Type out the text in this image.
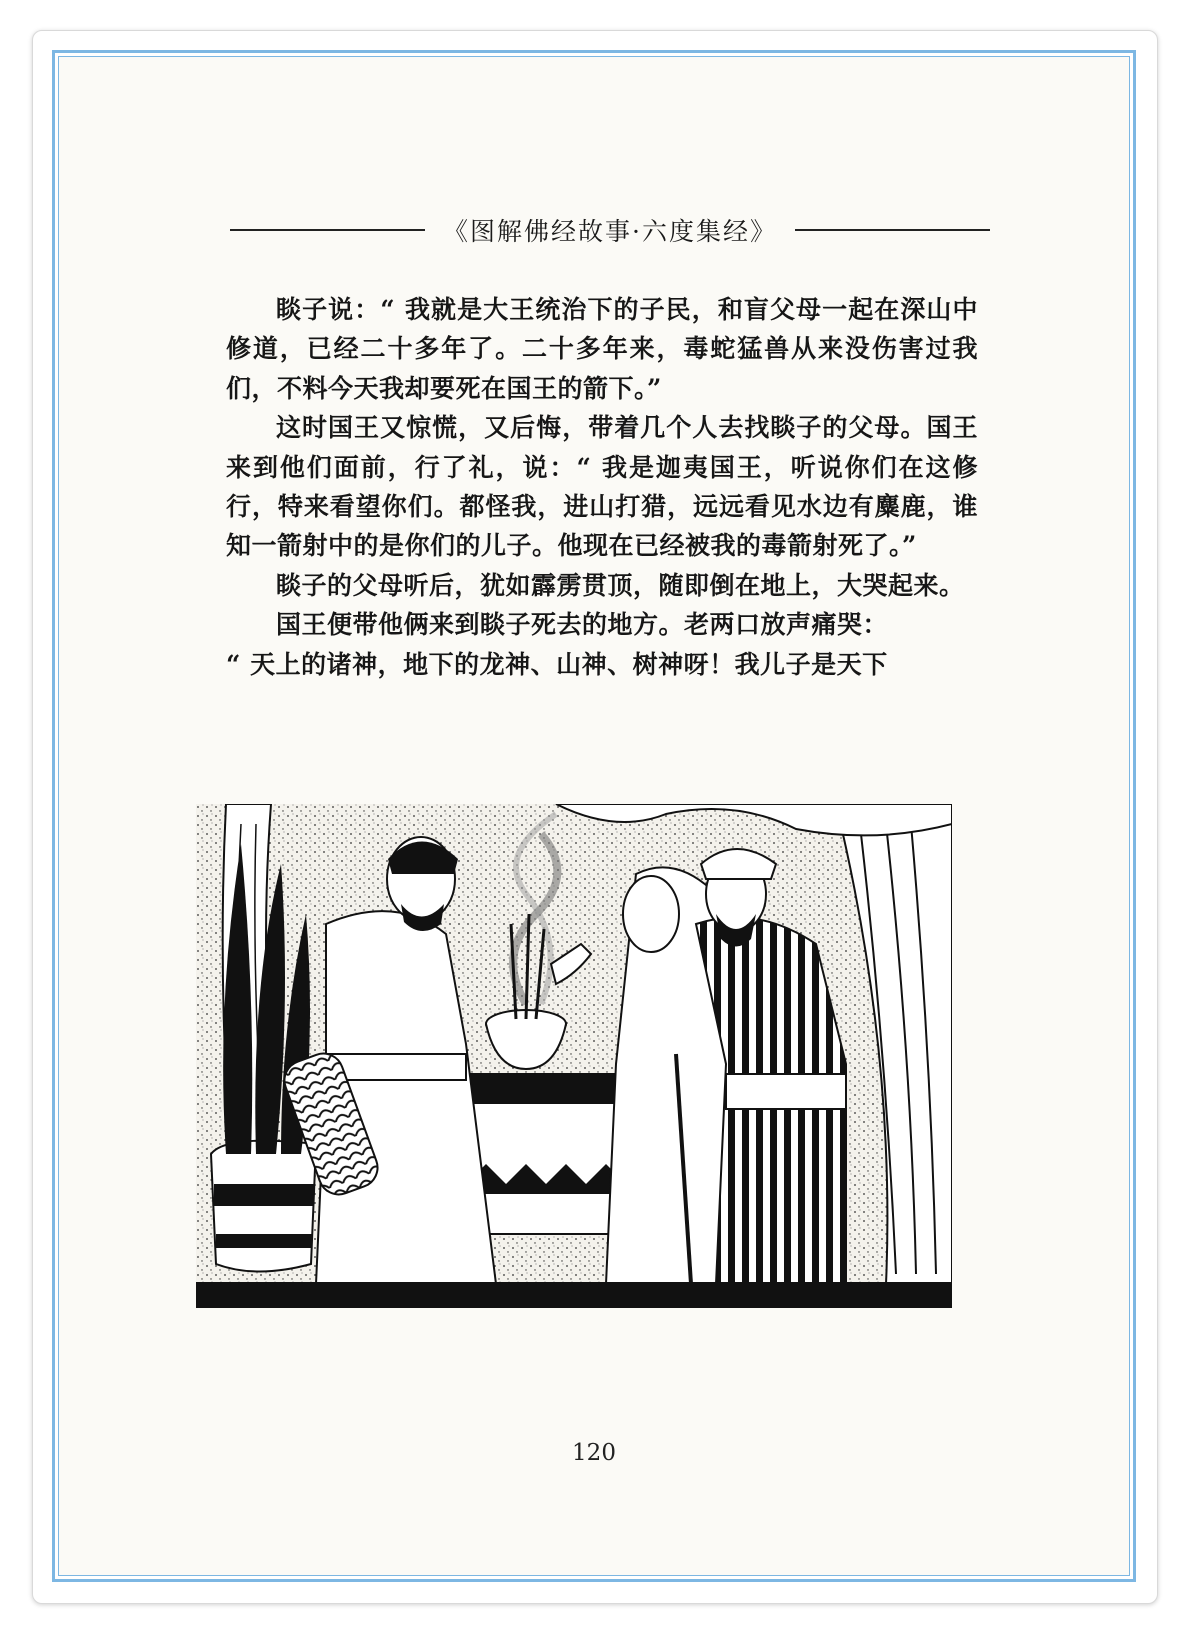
《图解佛经故事·六度集经》

睒子说：“ 我就是大王统治下的子民，和盲父母一起在深山中修道，已经二十多年了。二十多年来，毒蛇猛兽从来没伤害过我们，不料今天我却要死在国王的箭下。”

这时国王又惊慌，又后悔，带着几个人去找睒子的父母。国王来到他们面前，行了礼，说：“ 我是迦夷国王，听说你们在这修行，特来看望你们。都怪我，进山打猎，远远看见水边有麋鹿，谁知一箭射中的是你们的儿子。他现在已经被我的毒箭射死了。”

睒子的父母听后，犹如霹雳贯顶，随即倒在地上，大哭起来。

国王便带他俩来到睒子死去的地方。老两口放声痛哭：

“ 天上的诸神，地下的龙神、山神、树神呀！我儿子是天下

120
